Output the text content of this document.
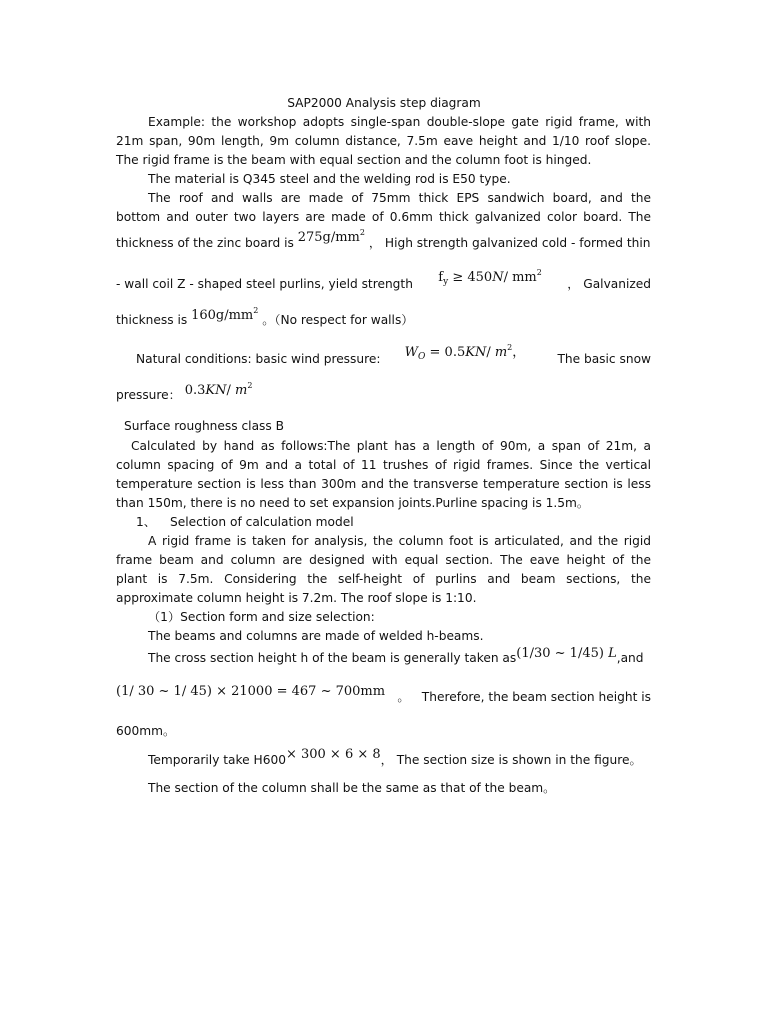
SAP2000 Analysis step diagram
Example: the workshop adopts single-span double-slope gate rigid frame, with
21m span, 90m length, 9m column distance, 7.5m eave height and 1/10 roof slope.
The rigid frame is the beam with equal section and the column foot is hinged.
The material is Q345 steel and the welding rod is E50 type.
The roof and walls are made of 75mm thick EPS sandwich board, and the
bottom and outer two layers are made of 0.6mm thick galvanized color board. The
thickness of the zinc board is $275g/mm^2$ ， High strength galvanized cold - formed thin
- wall coil Z - shaped steel purlins, yield strength $f_y \ge 450N/$ $mm^2$
， Galvanized
thickness is $160g/mm^2$ 。（No respect for walls）
Natural conditions: basic wind pressure: $W_O = 0.5KN/$ $m^2$，	The basic snow
pressure： 0.3KN/ $m^2$
Surface roughness class B
Calculated by hand as follows:The plant has a length of 90m, a span of 21m, a
column spacing of 9m and a total of 11 trushes of rigid frames. Since the vertical
temperature section is less than 300m and the transverse temperature section is less
than 150m, there is no need to set expansion joints.Purline spacing is 1.5m。
1、 Selection of calculation model
A rigid frame is taken for analysis, the column foot is articulated, and the rigid
frame beam and column are designed with equal section. The eave height of the
plant is 7.5m. Considering the self-height of purlins and beam sections, the
approximate column height is 7.2m. The roof slope is 1:10.
（1）Section form and size selection:
The beams and columns are made of welded h-beams.
The cross section height h of the beam is generally taken as(1/30 ~ 1/45) L,and
(1/ 30 ~ 1/ 45) × 21000 = 467 ~ 700mm 。 Therefore, the beam section height is
600mm。
Temporarily take H600× 300 × 6 × 8， The section size is shown in the figure。
The section of the column shall be the same as that of the beam。
